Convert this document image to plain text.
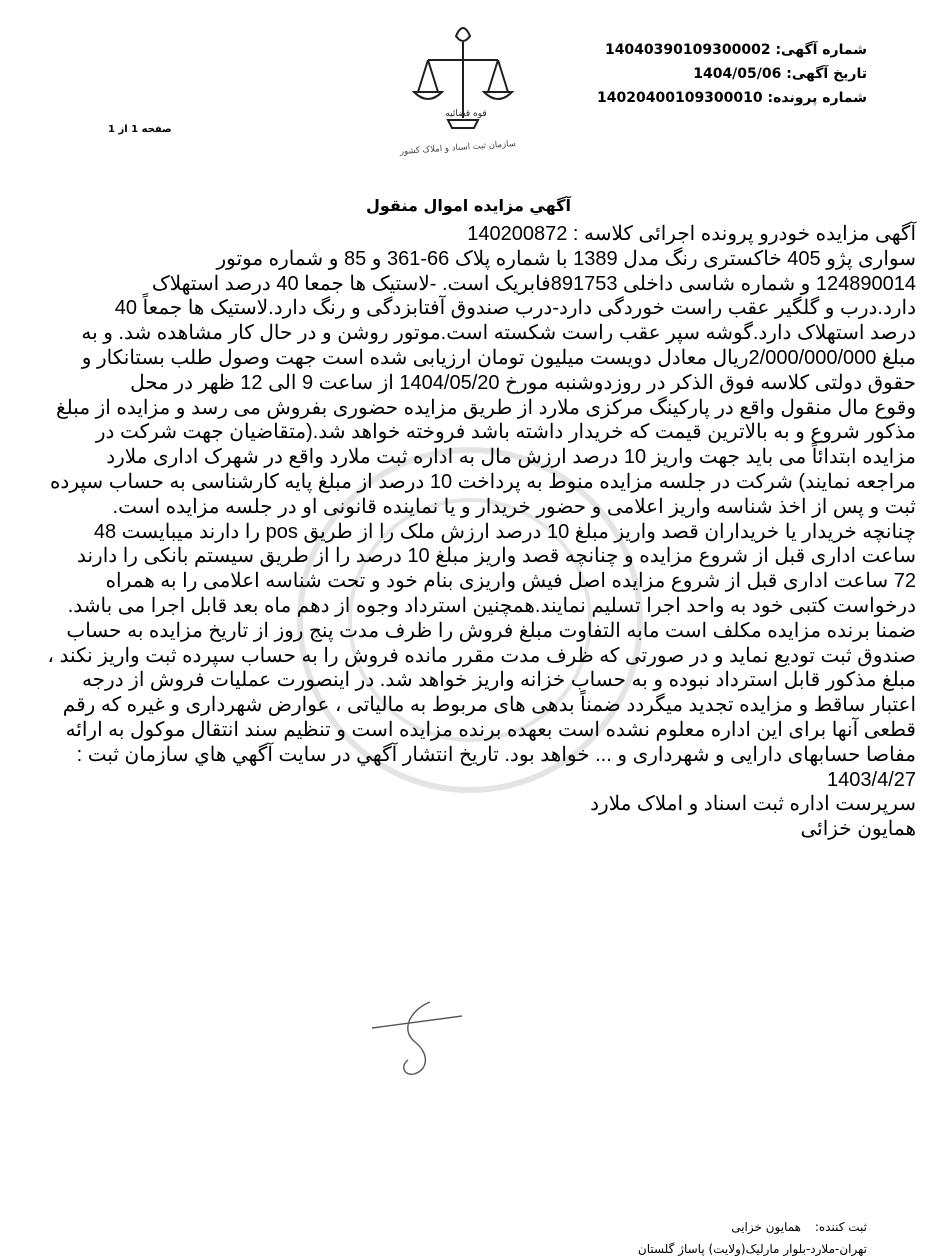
قوه قضائیه
سازمان ثبت اسناد و املاک کشور
شماره آگهی: 14040390109300002
تاریخ آگهی: 1404/05/06
شماره پرونده: 14020400109300010
صفحه 1 از 1
آگهي مزايده اموال منقول

آگهی مزایده خودرو پرونده اجرائی کلاسه : 140200872

سواری پژو 405 خاکستری رنگ مدل 1389 با شماره پلاک 66-361 و 85 و شماره موتور

124890014 و شماره شاسی داخلی 891753فابریک است. -لاستیک ها جمعا 40 درصد استهلاک

دارد.درب و گلگیر عقب راست خوردگی دارد-درب صندوق آفتابزدگی و رنگ دارد.لاستیک ها جمعاً 40

درصد استهلاک دارد.گوشه سپر عقب راست شکسته است.موتور روشن و در حال کار مشاهده شد. و به

مبلغ 2/000/000/000ریال معادل دویست میلیون تومان ارزیابی شده است جهت وصول طلب بستانکار و

حقوق دولتی کلاسه فوق الذکر در روزدوشنبه مورخ 1404/05/20 از ساعت 9 الی 12 ظهر در محل

وقوع مال منقول واقع در پارکینگ مرکزی ملارد از طریق مزایده حضوری بفروش می رسد و مزایده از مبلغ

مذکور شروع و به بالاترین قیمت که خریدار داشته باشد فروخته خواهد شد.(متقاضیان جهت شرکت در

مزایده ابتدائاً می باید جهت واریز 10 درصد ارزش مال به اداره ثبت ملارد واقع در شهرک اداری ملارد

مراجعه نمایند) شرکت در جلسه مزایده منوط به پرداخت 10 درصد از مبلغ پایه کارشناسی به حساب سپرده

ثبت و پس از اخذ شناسه واریز اعلامی و حضور خریدار و یا نماینده قانونی او در جلسه مزایده است.

چنانچه خریدار یا خریداران قصد واریز مبلغ 10 درصد ارزش ملک را از طریق pos را دارند میبایست 48

ساعت اداری قبل از شروع مزایده و چنانچه قصد واریز مبلغ 10 درصد را از طریق سیستم بانکی را دارند

72 ساعت اداری قبل از شروع مزایده اصل فیش واریزی بنام خود و تحت شناسه اعلامی را به همراه

درخواست کتبی خود به واحد اجرا تسلیم نمایند.همچنین استرداد وجوه از دهم ماه بعد قابل اجرا می باشد.

ضمنا برنده مزایده مکلف است مابه التفاوت مبلغ فروش را ظرف مدت پنج روز از تاریخ مزایده به حساب

صندوق ثبت تودیع نماید و در صورتی که ظرف مدت مقرر مانده فروش را به حساب سپرده ثبت واریز نکند ،

مبلغ مذکور قابل استرداد نبوده و به حساب خزانه واریز خواهد شد. در اینصورت عملیات فروش از درجه

اعتبار ساقط و مزایده تجدید میگردد ضمناً بدهی های مربوط به مالیاتی ، عوارض شهرداری و غیره که رقم

قطعی آنها برای این اداره معلوم نشده است بعهده برنده مزایده است و تنظیم سند انتقال موکول به ارائه

مفاصا حسابهای دارایی و شهرداری و ... خواهد بود. تاریخ انتشار آگهي در سایت آگهي هاي سازمان ثبت :

1403/4/27

سرپرست اداره ثبت اسناد و املاک ملارد

همایون خزائی

ثبت کننده: همایون خزایی
تهران-ملارد-بلوار مارلیک(ولایت) پاساژ گلستان
